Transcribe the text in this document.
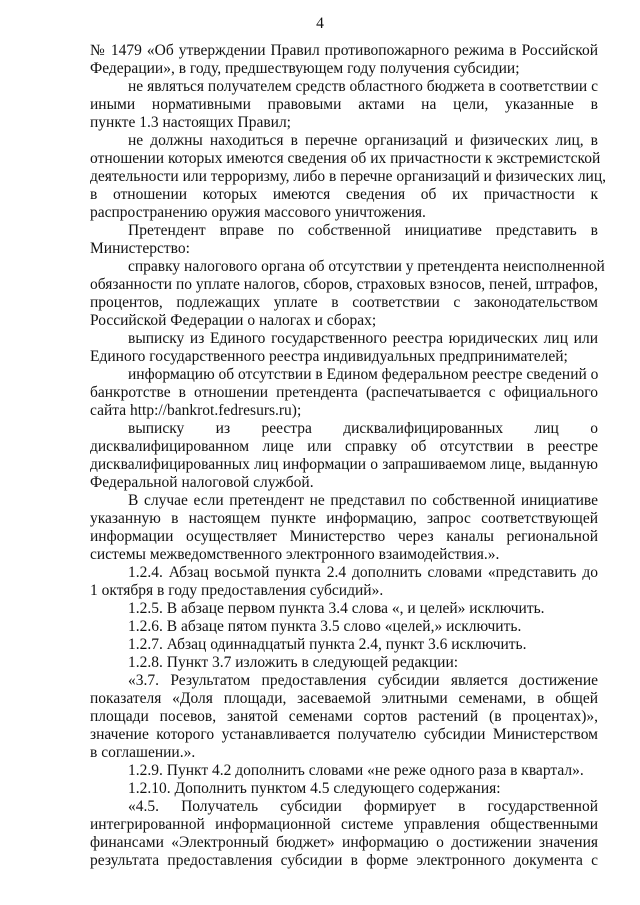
4

№ 1479 «Об утверждении Правил противопожарного режима в Российской
Федерации», в году, предшествующем году получения субсидии;

не являться получателем средств областного бюджета в соответствии с
иными нормативными правовыми актами на цели, указанные в
пункте 1.3 настоящих Правил;

не должны находиться в перечне организаций и физических лиц, в
отношении которых имеются сведения об их причастности к экстремистской
деятельности или терроризму, либо в перечне организаций и физических лиц,
в отношении которых имеются сведения об их причастности к
распространению оружия массового уничтожения.

Претендент вправе по собственной инициативе представить в
Министерство:

справку налогового органа об отсутствии у претендента неисполненной
обязанности по уплате налогов, сборов, страховых взносов, пеней, штрафов,
процентов, подлежащих уплате в соответствии с законодательством
Российской Федерации о налогах и сборах;

выписку из Единого государственного реестра юридических лиц или
Единого государственного реестра индивидуальных предпринимателей;

информацию об отсутствии в Едином федеральном реестре сведений о
банкротстве в отношении претендента (распечатывается с официального
сайта http://bankrot.fedresurs.ru);

выписку из реестра дисквалифицированных лиц о
дисквалифицированном лице или справку об отсутствии в реестре
дисквалифицированных лиц информации о запрашиваемом лице, выданную
Федеральной налоговой службой.

В случае если претендент не представил по собственной инициативе
указанную в настоящем пункте информацию, запрос соответствующей
информации осуществляет Министерство через каналы региональной
системы межведомственного электронного взаимодействия.».

1.2.4. Абзац восьмой пункта 2.4 дополнить словами «представить до
1 октября в году предоставления субсидий».

1.2.5. В абзаце первом пункта 3.4 слова «, и целей» исключить.

1.2.6. В абзаце пятом пункта 3.5 слово «целей,» исключить.

1.2.7. Абзац одиннадцатый пункта 2.4, пункт 3.6 исключить.

1.2.8. Пункт 3.7 изложить в следующей редакции:

«3.7. Результатом предоставления субсидии является достижение
показателя «Доля площади, засеваемой элитными семенами, в общей
площади посевов, занятой семенами сортов растений (в процентах)»,
значение которого устанавливается получателю субсидии Министерством
в соглашении.».

1.2.9. Пункт 4.2 дополнить словами «не реже одного раза в квартал».

1.2.10. Дополнить пунктом 4.5 следующего содержания:

«4.5. Получатель субсидии формирует в государственной
интегрированной информационной системе управления общественными
финансами «Электронный бюджет» информацию о достижении значения
результата предоставления субсидии в форме электронного документа с
